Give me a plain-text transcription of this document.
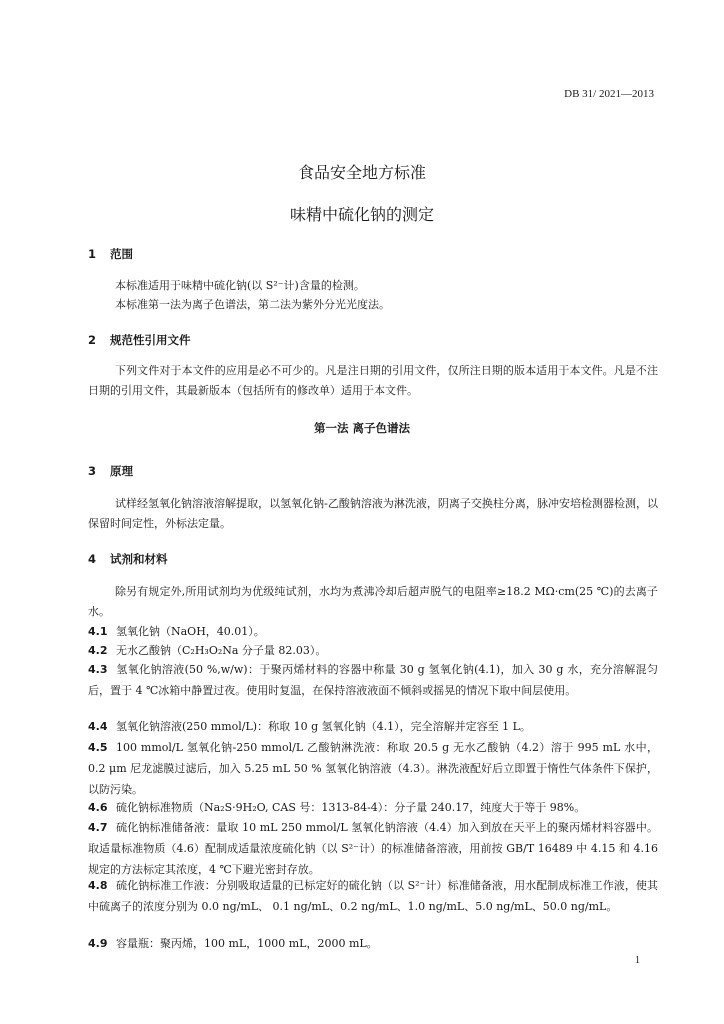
DB 31/ 2021—2013
食品安全地方标准
味精中硫化钠的测定
1 范围

本标准适用于味精中硫化钠(以 S²⁻计)含量的检测。

本标准第一法为离子色谱法，第二法为紫外分光光度法。

2 规范性引用文件

下列文件对于本文件的应用是必不可少的。凡是注日期的引用文件，仅所注日期的版本适用于本文件。凡是不注日期的引用文件，其最新版本（包括所有的修改单）适用于本文件。

第一法 离子色谱法
3 原理

试样经氢氧化钠溶液溶解提取，以氢氧化钠-乙酸钠溶液为淋洗液，阴离子交换柱分离，脉冲安培检测器检测，以保留时间定性，外标法定量。

4 试剂和材料

除另有规定外,所用试剂均为优级纯试剂，水均为煮沸冷却后超声脱气的电阻率≥18.2 MΩ·cm(25 ℃)的去离子水。

4.1 氢氧化钠（NaOH，40.01）。

4.2 无水乙酸钠（C₂H₃O₂Na 分子量 82.03）。

4.3 氢氧化钠溶液(50 %,w/w)：于聚丙烯材料的容器中称量 30 g 氢氧化钠(4.1)，加入 30 g 水，充分溶解混匀后，置于 4 ℃冰箱中静置过夜。使用时复温，在保持溶液液面不倾斜或摇晃的情况下取中间层使用。

4.4 氢氧化钠溶液(250 mmol/L)：称取 10 g 氢氧化钠（4.1），完全溶解并定容至 1 L。

4.5 100 mmol/L 氢氧化钠-250 mmol/L 乙酸钠淋洗液：称取 20.5 g 无水乙酸钠（4.2）溶于 995 mL 水中，0.2 μm 尼龙滤膜过滤后，加入 5.25 mL 50 % 氢氧化钠溶液（4.3）。淋洗液配好后立即置于惰性气体条件下保护，以防污染。

4.6 硫化钠标准物质（Na₂S·9H₂O, CAS 号：1313-84-4）：分子量 240.17，纯度大于等于 98%。

4.7 硫化钠标准储备液：量取 10 mL 250 mmol/L 氢氧化钠溶液（4.4）加入到放在天平上的聚丙烯材料容器中。取适量标准物质（4.6）配制成适量浓度硫化钠（以 S²⁻计）的标准储备溶液，用前按 GB/T 16489 中 4.15 和 4.16 规定的方法标定其浓度，4 ℃下避光密封存放。

4.8 硫化钠标准工作液：分别吸取适量的已标定好的硫化钠（以 S²⁻计）标准储备液，用水配制成标准工作液，使其中硫离子的浓度分别为 0.0 ng/mL、 0.1 ng/mL、0.2 ng/mL、1.0 ng/mL、5.0 ng/mL、50.0 ng/mL。

4.9 容量瓶：聚丙烯，100 mL，1000 mL，2000 mL。

1
